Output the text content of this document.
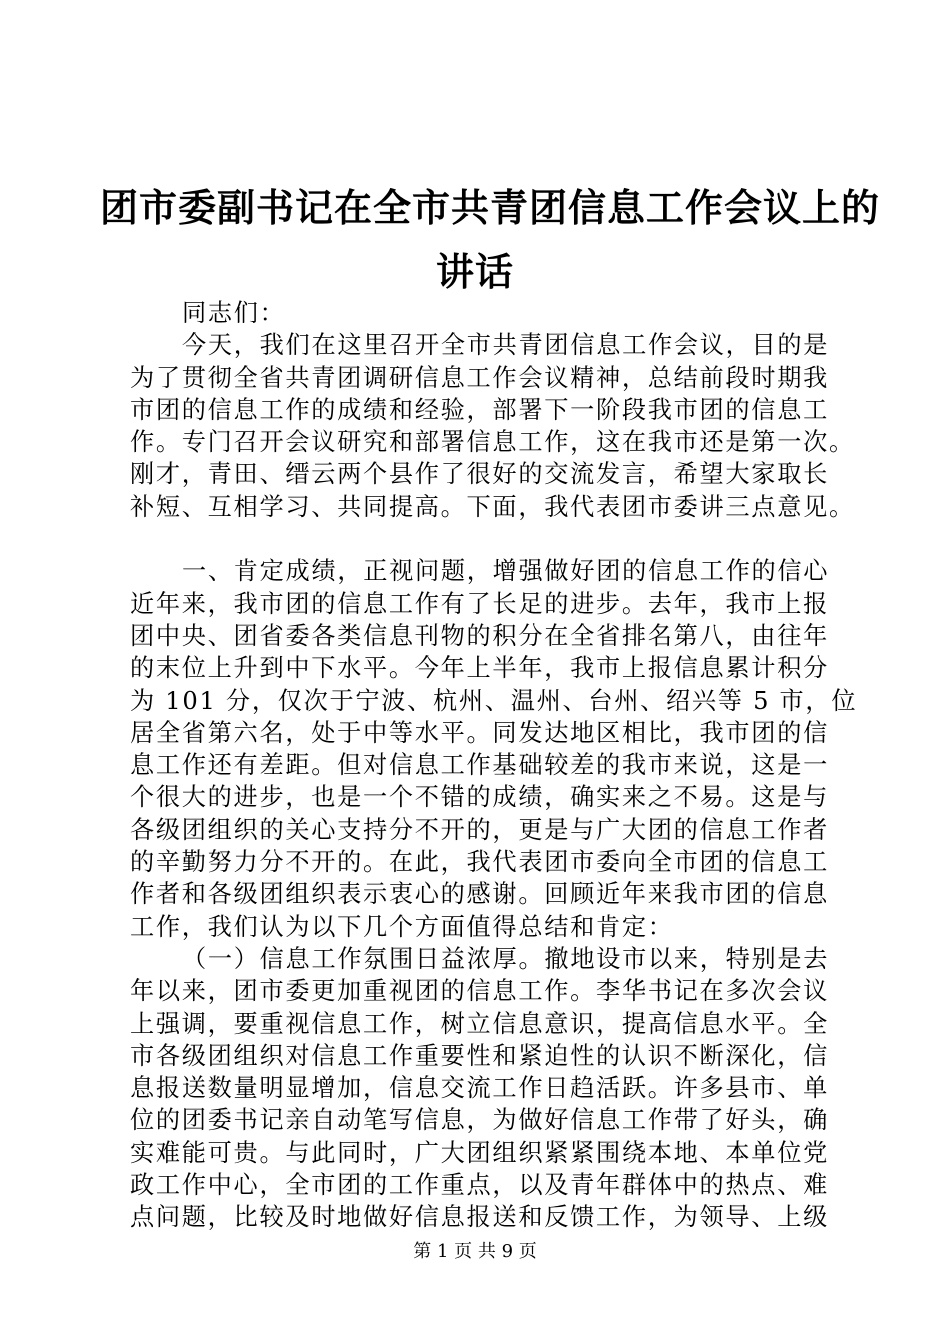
团市委副书记在全市共青团信息工作会议上的
讲话
同志们：
今天，我们在这里召开全市共青团信息工作会议，目的是
为了贯彻全省共青团调研信息工作会议精神，总结前段时期我
市团的信息工作的成绩和经验，部署下一阶段我市团的信息工
作。专门召开会议研究和部署信息工作，这在我市还是第一次。
刚才，青田、缙云两个县作了很好的交流发言，希望大家取长
补短、互相学习、共同提高。下面，我代表团市委讲三点意见。
一、肯定成绩，正视问题，增强做好团的信息工作的信心
近年来，我市团的信息工作有了长足的进步。去年，我市上报
团中央、团省委各类信息刊物的积分在全省排名第八，由往年
的末位上升到中下水平。今年上半年，我市上报信息累计积分
为 101 分，仅次于宁波、杭州、温州、台州、绍兴等 5 市，位
居全省第六名，处于中等水平。同发达地区相比，我市团的信
息工作还有差距。但对信息工作基础较差的我市来说，这是一
个很大的进步，也是一个不错的成绩，确实来之不易。这是与
各级团组织的关心支持分不开的，更是与广大团的信息工作者
的辛勤努力分不开的。在此，我代表团市委向全市团的信息工
作者和各级团组织表示衷心的感谢。回顾近年来我市团的信息
工作，我们认为以下几个方面值得总结和肯定：
（一）信息工作氛围日益浓厚。撤地设市以来，特别是去
年以来，团市委更加重视团的信息工作。李华书记在多次会议
上强调，要重视信息工作，树立信息意识，提高信息水平。全
市各级团组织对信息工作重要性和紧迫性的认识不断深化，信
息报送数量明显增加，信息交流工作日趋活跃。许多县市、单
位的团委书记亲自动笔写信息，为做好信息工作带了好头，确
实难能可贵。与此同时，广大团组织紧紧围绕本地、本单位党
政工作中心，全市团的工作重点，以及青年群体中的热点、难
点问题，比较及时地做好信息报送和反馈工作，为领导、上级
第 1 页 共 9 页
